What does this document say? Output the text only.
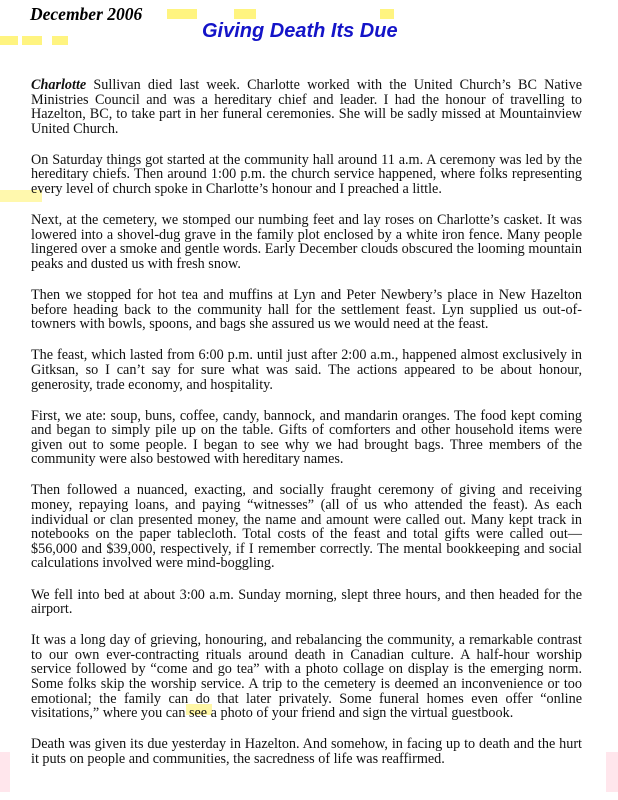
December 2006
Giving Death Its Due

Charlotte Sullivan died last week. Charlotte worked with the United Church’s BC Native Ministries Council and was a hereditary chief and leader. I had the honour of travelling to Hazelton, BC, to take part in her funeral ceremonies. She will be sadly missed at Mountainview United Church.

On Saturday things got started at the community hall around 11 a.m. A ceremony was led by the hereditary chiefs. Then around 1:00 p.m. the church service happened, where folks representing every level of church spoke in Charlotte’s honour and I preached a little.

Next, at the cemetery, we stomped our numbing feet and lay roses on Charlotte’s casket. It was lowered into a shovel-dug grave in the family plot enclosed by a white iron fence. Many people lingered over a smoke and gentle words. Early December clouds obscured the looming mountain peaks and dusted us with fresh snow.

Then we stopped for hot tea and muffins at Lyn and Peter Newbery’s place in New Hazelton before heading back to the community hall for the settlement feast. Lyn supplied us out-of-towners with bowls, spoons, and bags she assured us we would need at the feast.

The feast, which lasted from 6:00 p.m. until just after 2:00 a.m., happened almost exclusively in Gitksan, so I can’t say for sure what was said. The actions appeared to be about honour, generosity, trade economy, and hospitality.

First, we ate: soup, buns, coffee, candy, bannock, and mandarin oranges. The food kept coming and began to simply pile up on the table. Gifts of comforters and other household items were given out to some people. I began to see why we had brought bags. Three members of the community were also bestowed with hereditary names.

Then followed a nuanced, exacting, and socially fraught ceremony of giving and receiving money, repaying loans, and paying “witnesses” (all of us who attended the feast). As each individual or clan presented money, the name and amount were called out. Many kept track in notebooks on the paper tablecloth. Total costs of the feast and total gifts were called out—$56,000 and $39,000, respectively, if I remember correctly. The mental bookkeeping and social calculations involved were mind-boggling.

We fell into bed at about 3:00 a.m. Sunday morning, slept three hours, and then headed for the airport.

It was a long day of grieving, honouring, and rebalancing the community, a remarkable contrast to our own ever-contracting rituals around death in Canadian culture. A half-hour worship service followed by “come and go tea” with a photo collage on display is the emerging norm. Some folks skip the worship service. A trip to the cemetery is deemed an inconvenience or too emotional; the family can do that later privately. Some funeral homes even offer “online visitations,” where you can see a photo of your friend and sign the virtual guestbook.

Death was given its due yesterday in Hazelton. And somehow, in facing up to death and the hurt it puts on people and communities, the sacredness of life was reaffirmed.
